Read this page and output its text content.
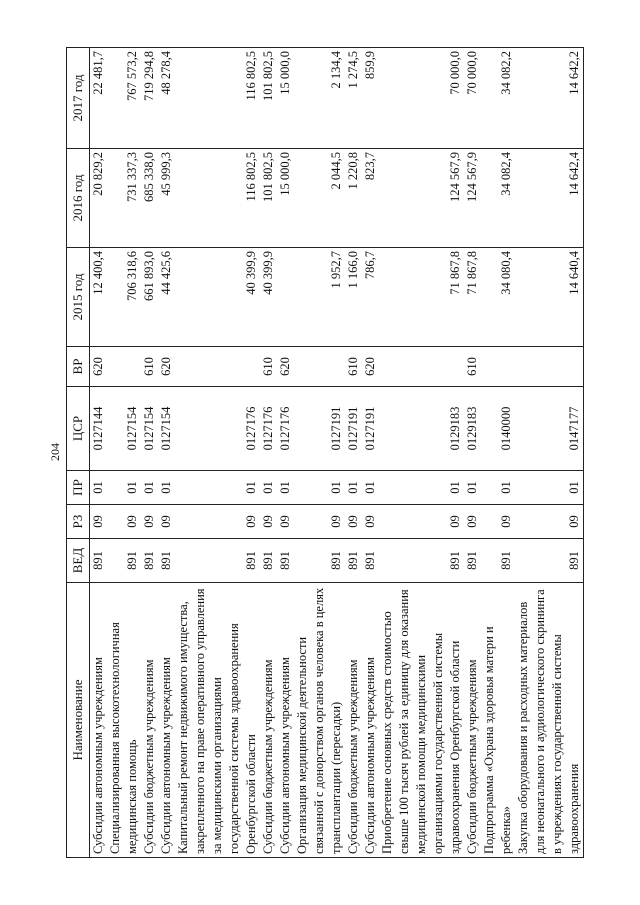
204
Наименование	ВЕД	РЗ	ПР	ЦСР	ВР	2015 год	2016 год	2017 год
Субсидии автономным учреждениям	891	09	01	0127144	620	12 400,4	20 829,2	22 481,7
Специализированная высокотехнологичная медицинская помощь	891	09	01	0127154		706 318,6	731 337,3	767 573,2
Субсидии бюджетным учреждениям	891	09	01	0127154	610	661 893,0	685 338,0	719 294,8
Субсидии автономным учреждениям	891	09	01	0127154	620	44 425,6	45 999,3	48 278,4
Капитальный ремонт недвижимого имущества, закрепленного на праве оперативного управления за медицинскими организациями государственной системы здравоохранения Оренбургской области	891	09	01	0127176		40 399,9	116 802,5	116 802,5
Субсидии бюджетным учреждениям	891	09	01	0127176	610	40 399,9	101 802,5	101 802,5
Субсидии автономным учреждениям	891	09	01	0127176	620		15 000,0	15 000,0
Организация медицинской деятельности связанной с донорством органов человека в целях трансплантации (пересадки)	891	09	01	0127191		1 952,7	2 044,5	2 134,4
Субсидии бюджетным учреждениям	891	09	01	0127191	610	1 166,0	1 220,8	1 274,5
Субсидии автономным учреждениям	891	09	01	0127191	620	786,7	823,7	859,9
Приобретение основных средств стоимостью свыше 100 тысяч рублей за единицу для оказания медицинской помощи медицинскими организациями государственной системы здравоохранения Оренбургской области	891	09	01	0129183		71 867,8	124 567,9	70 000,0
Субсидии бюджетным учреждениям	891	09	01	0129183	610	71 867,8	124 567,9	70 000,0
Подпрограмма «Охрана здоровья матери и ребенка»	891	09	01	0140000		34 080,4	34 082,4	34 082,2
Закупка оборудования и расходных материалов для неонатального и аудиологического скрининга в учреждениях государственной системы здравоохранения	891	09	01	0147177		14 640,4	14 642,4	14 642,2
